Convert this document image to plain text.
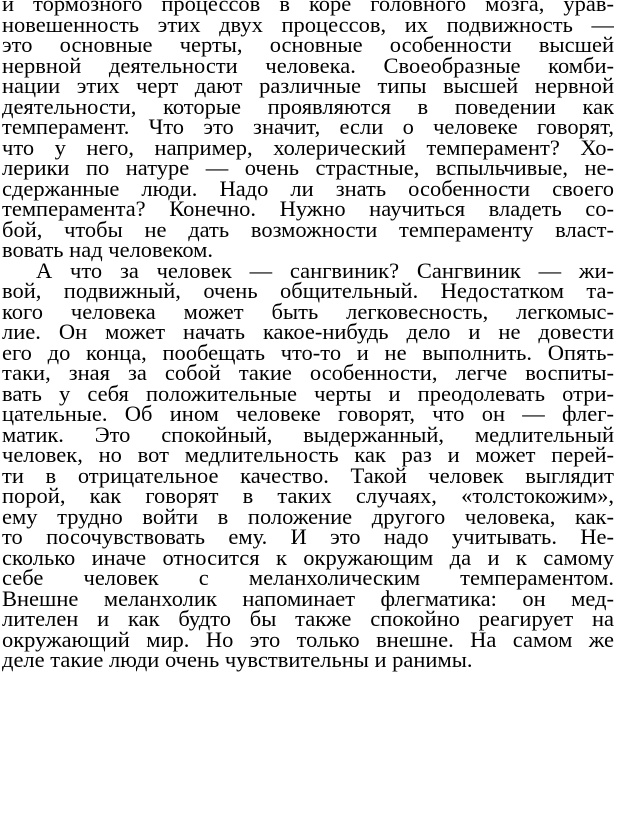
и тормозного процессов в коре головного мозга, урав-
новешенность этих двух процессов, их подвижность —
это основные черты, основные особенности высшей
нервной деятельности человека. Своеобразные комби-
нации этих черт дают различные типы высшей нервной
деятельности, которые проявляются в поведении как
темперамент. Что это значит, если о человеке говорят,
что у него, например, холерический темперамент? Хо-
лерики по натуре — очень страстные, вспыльчивые, не-
сдержанные люди. Надо ли знать особенности своего
темперамента? Конечно. Нужно научиться владеть со-
бой, чтобы не дать возможности темпераменту власт-
вовать над человеком.
А что за человек — сангвиник? Сангвиник — жи-
вой, подвижный, очень общительный. Недостатком та-
кого человека может быть легковесность, легкомыс-
лие. Он может начать какое-нибудь дело и не довести
его до конца, пообещать что-то и не выполнить. Опять-
таки, зная за собой такие особенности, легче воспиты-
вать у себя положительные черты и преодолевать отри-
цательные. Об ином человеке говорят, что он — флег-
матик. Это спокойный, выдержанный, медлительный
человек, но вот медлительность как раз и может перей-
ти в отрицательное качество. Такой человек выглядит
порой, как говорят в таких случаях, «толстокожим»,
ему трудно войти в положение другого человека, как-
то посочувствовать ему. И это надо учитывать. Не-
сколько иначе относится к окружающим да и к самому
себе человек с меланхолическим темпераментом.
Внешне меланхолик напоминает флегматика: он мед-
лителен и как будто бы также спокойно реагирует на
окружающий мир. Но это только внешне. На самом же
деле такие люди очень чувствительны и ранимы.
